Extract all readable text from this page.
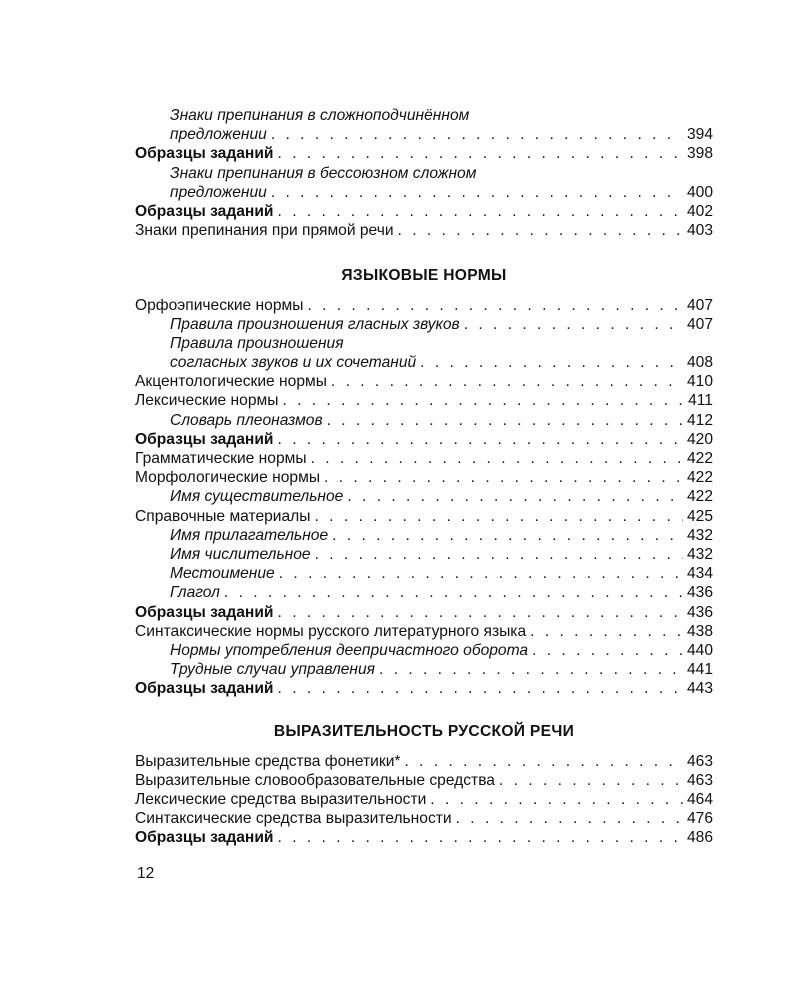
Знаки препинания в сложноподчинённом
предложении . . .	394
Образцы заданий . . .	398
Знаки препинания в бессоюзном сложном
предложении . . .	400
Образцы заданий . . .	402
Знаки препинания при прямой речи . . .	403
ЯЗЫКОВЫЕ НОРМЫ
Орфоэпические нормы . . .	407
Правила произношения гласных звуков . . .	407
Правила произношения
согласных звуков и их сочетаний . . .	408
Акцентологические нормы . . .	410
Лексические нормы . . .	411
Словарь плеоназмов . . .	412
Образцы заданий . . .	420
Грамматические нормы . . .	422
Морфологические нормы . . .	422
Имя существительное . . .	422
Справочные материалы . . .	425
Имя прилагательное . . .	432
Имя числительное . . .	432
Местоимение . . .	434
Глагол . . .	436
Образцы заданий . . .	436
Синтаксические нормы русского литературного языка . . .	438
Нормы употребления деепричастного оборота . . .	440
Трудные случаи управления . . .	441
Образцы заданий . . .	443
ВЫРАЗИТЕЛЬНОСТЬ РУССКОЙ РЕЧИ
Выразительные средства фонетики* . . .	463
Выразительные словообразовательные средства . . .	463
Лексические средства выразительности . . .	464
Синтаксические средства выразительности . . .	476
Образцы заданий . . .	486
12
